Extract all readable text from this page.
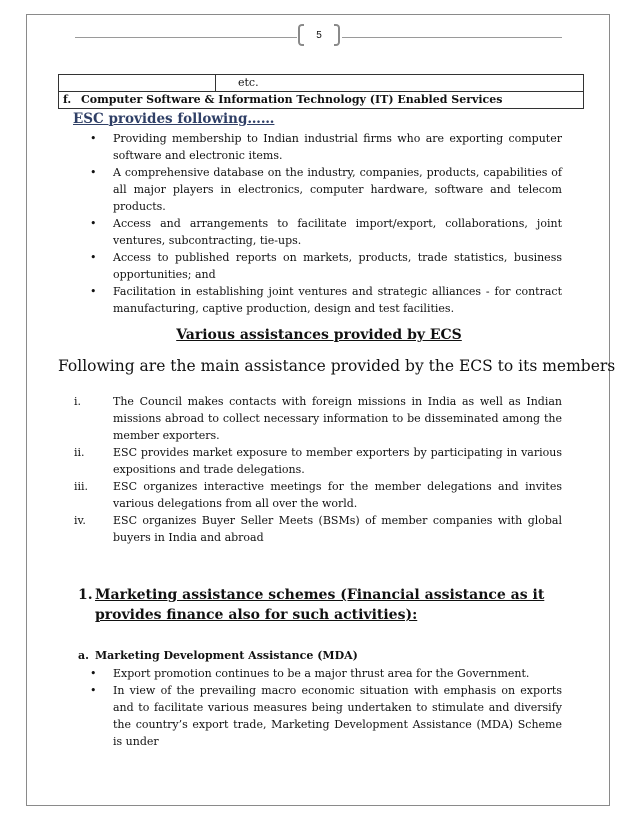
5
	etc.
f. Computer Software & Information Technology (IT) Enabled Services
ESC provides following……

• Providing membership to Indian industrial firms who are exporting computer software and electronic items.

• A comprehensive database on the industry, companies, products, capabilities of all major players in electronics, computer hardware, software and telecom products.

• Access and arrangements to facilitate import/export, collaborations, joint ventures, subcontracting, tie-ups.

• Access to published reports on markets, products, trade statistics, business opportunities; and

• Facilitation in establishing joint ventures and strategic alliances - for contract manufacturing, captive production, design and test facilities.

Various assistances provided by ECS
Following are the main assistance provided by the ECS to its members
i.	The Council makes contacts with foreign missions in India as well as Indian missions abroad to collect necessary information to be disseminated among the member exporters.
ii.	ESC provides market exposure to member exporters by participating in various expositions and trade delegations.
iii.	ESC organizes interactive meetings for the member delegations and invites various delegations from all over the world.
iv.	ESC organizes Buyer Seller Meets (BSMs) of member companies with global buyers in India and abroad
1. Marketing assistance schemes (Financial assistance as it provides finance also for such activities):
a. Marketing Development Assistance (MDA)

• Export promotion continues to be a major thrust area for the Government.

• In view of the prevailing macro economic situation with emphasis on exports and to facilitate various measures being undertaken to stimulate and diversify the country’s export trade, Marketing Development Assistance (MDA) Scheme is under
